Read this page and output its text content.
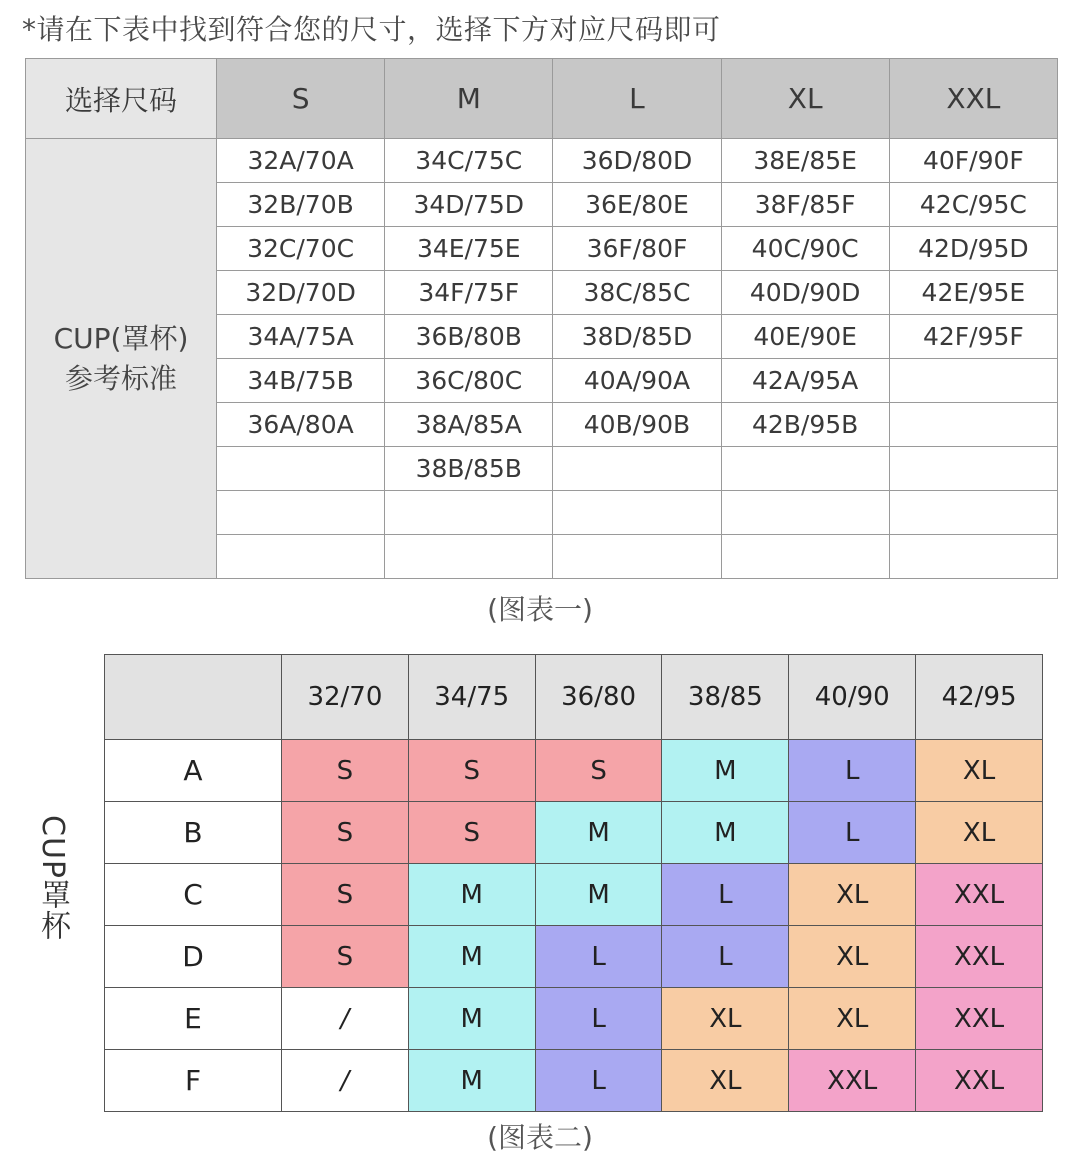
*请在下表中找到符合您的尺寸，选择下方对应尺码即可
选择尺码	S	M	L	XL	XXL

CUP(罩杯)
参考标准	32A/70A	34C/75C	36D/80D	38E/85E	40F/90F
	32B/70B	34D/75D	36E/80E	38F/85F	42C/95C
	32C/70C	34E/75E	36F/80F	40C/90C	42D/95D
	32D/70D	34F/75F	38C/85C	40D/90D	42E/95E
	34A/75A	36B/80B	38D/85D	40E/90E	42F/95F
	34B/75B	36C/80C	40A/90A	42A/95A	
	36A/80A	38A/85A	40B/90B	42B/95B	
		38B/85B			

(图表一)
CUP罩杯
	32/70	34/75	36/80	38/85	40/90	42/95
A	S	S	S	M	L	XL
B	S	S	M	M	L	XL
C	S	M	M	L	XL	XXL
D	S	M	L	L	XL	XXL
E	/	M	L	XL	XL	XXL
F	/	M	L	XL	XXL	XXL
(图表二)
